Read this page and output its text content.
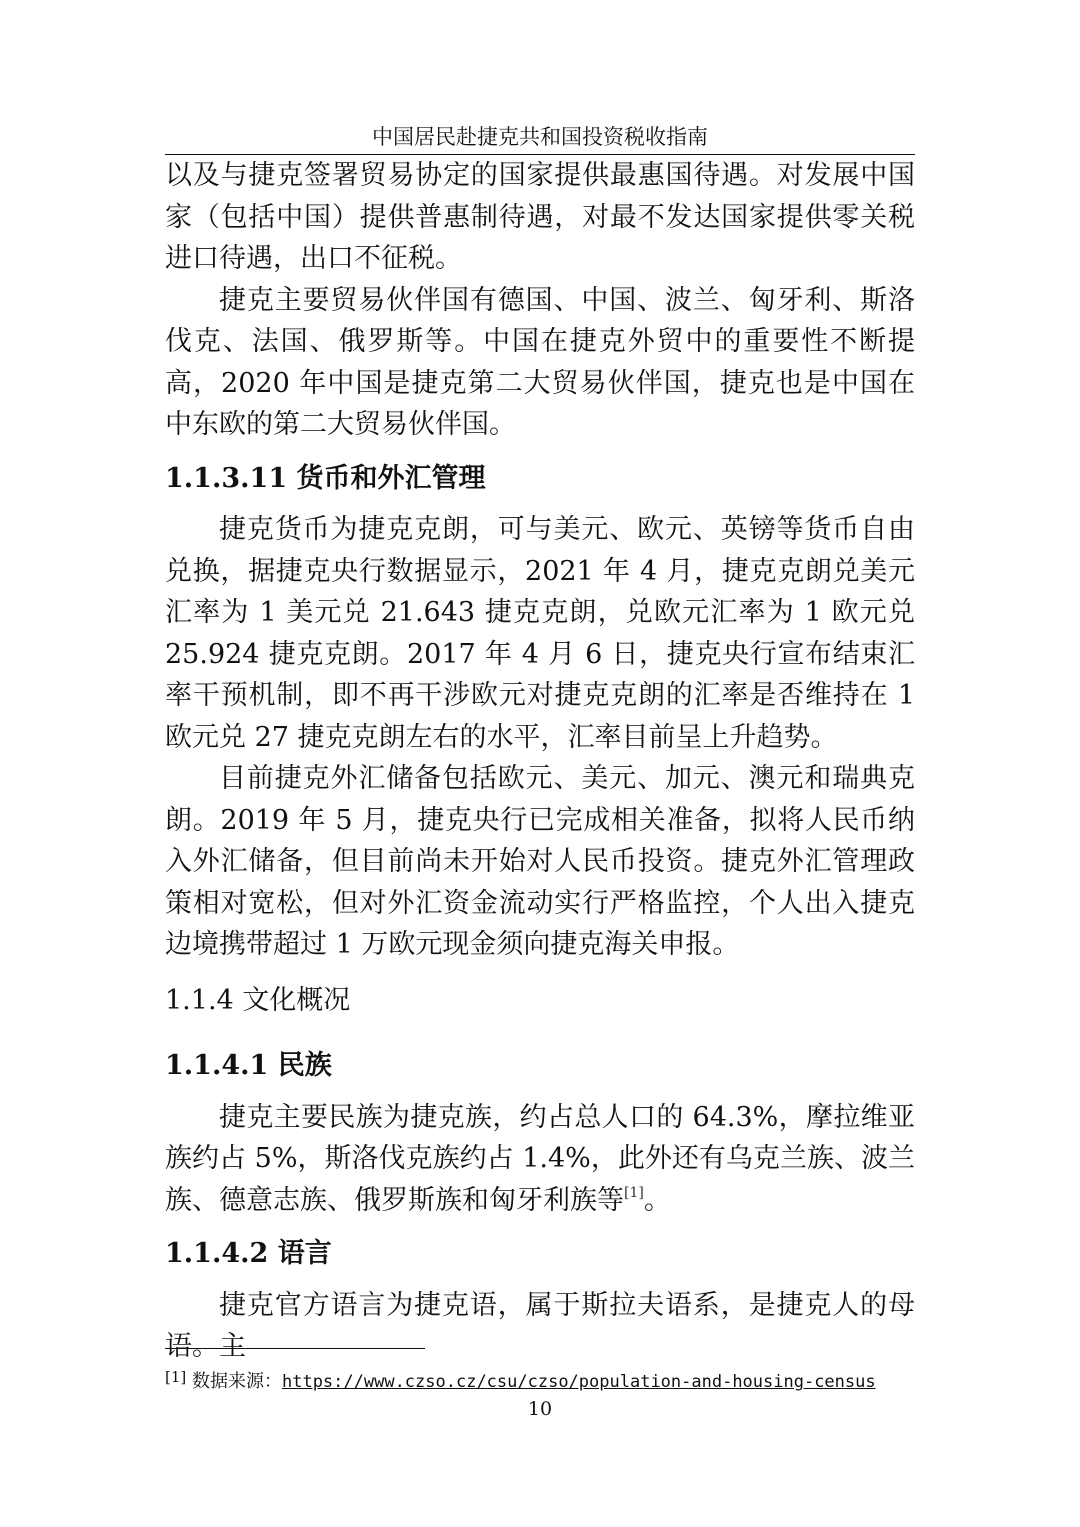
中国居民赴捷克共和国投资税收指南

以及与捷克签署贸易协定的国家提供最惠国待遇。对发展中国家（包括中国）提供普惠制待遇，对最不发达国家提供零关税进口待遇，出口不征税。

捷克主要贸易伙伴国有德国、中国、波兰、匈牙利、斯洛伐克、法国、俄罗斯等。中国在捷克外贸中的重要性不断提高，2020 年中国是捷克第二大贸易伙伴国，捷克也是中国在中东欧的第二大贸易伙伴国。

1.1.3.11 货币和外汇管理

捷克货币为捷克克朗，可与美元、欧元、英镑等货币自由兑换，据捷克央行数据显示，2021 年 4 月，捷克克朗兑美元汇率为 1 美元兑 21.643 捷克克朗，兑欧元汇率为 1 欧元兑 25.924 捷克克朗。2017 年 4 月 6 日，捷克央行宣布结束汇率干预机制，即不再干涉欧元对捷克克朗的汇率是否维持在 1 欧元兑 27 捷克克朗左右的水平，汇率目前呈上升趋势。

目前捷克外汇储备包括欧元、美元、加元、澳元和瑞典克朗。2019 年 5 月，捷克央行已完成相关准备，拟将人民币纳入外汇储备，但目前尚未开始对人民币投资。捷克外汇管理政策相对宽松，但对外汇资金流动实行严格监控，个人出入捷克边境携带超过 1 万欧元现金须向捷克海关申报。

1.1.4 文化概况
1.1.4.1 民族

捷克主要民族为捷克族，约占总人口的 64.3%，摩拉维亚族约占 5%，斯洛伐克族约占 1.4%，此外还有乌克兰族、波兰族、德意志族、俄罗斯族和匈牙利族等[1]。

1.1.4.2 语言

捷克官方语言为捷克语，属于斯拉夫语系，是捷克人的母语。主

[1] 数据来源：https://www.czso.cz/csu/czso/population-and-housing-census
10
